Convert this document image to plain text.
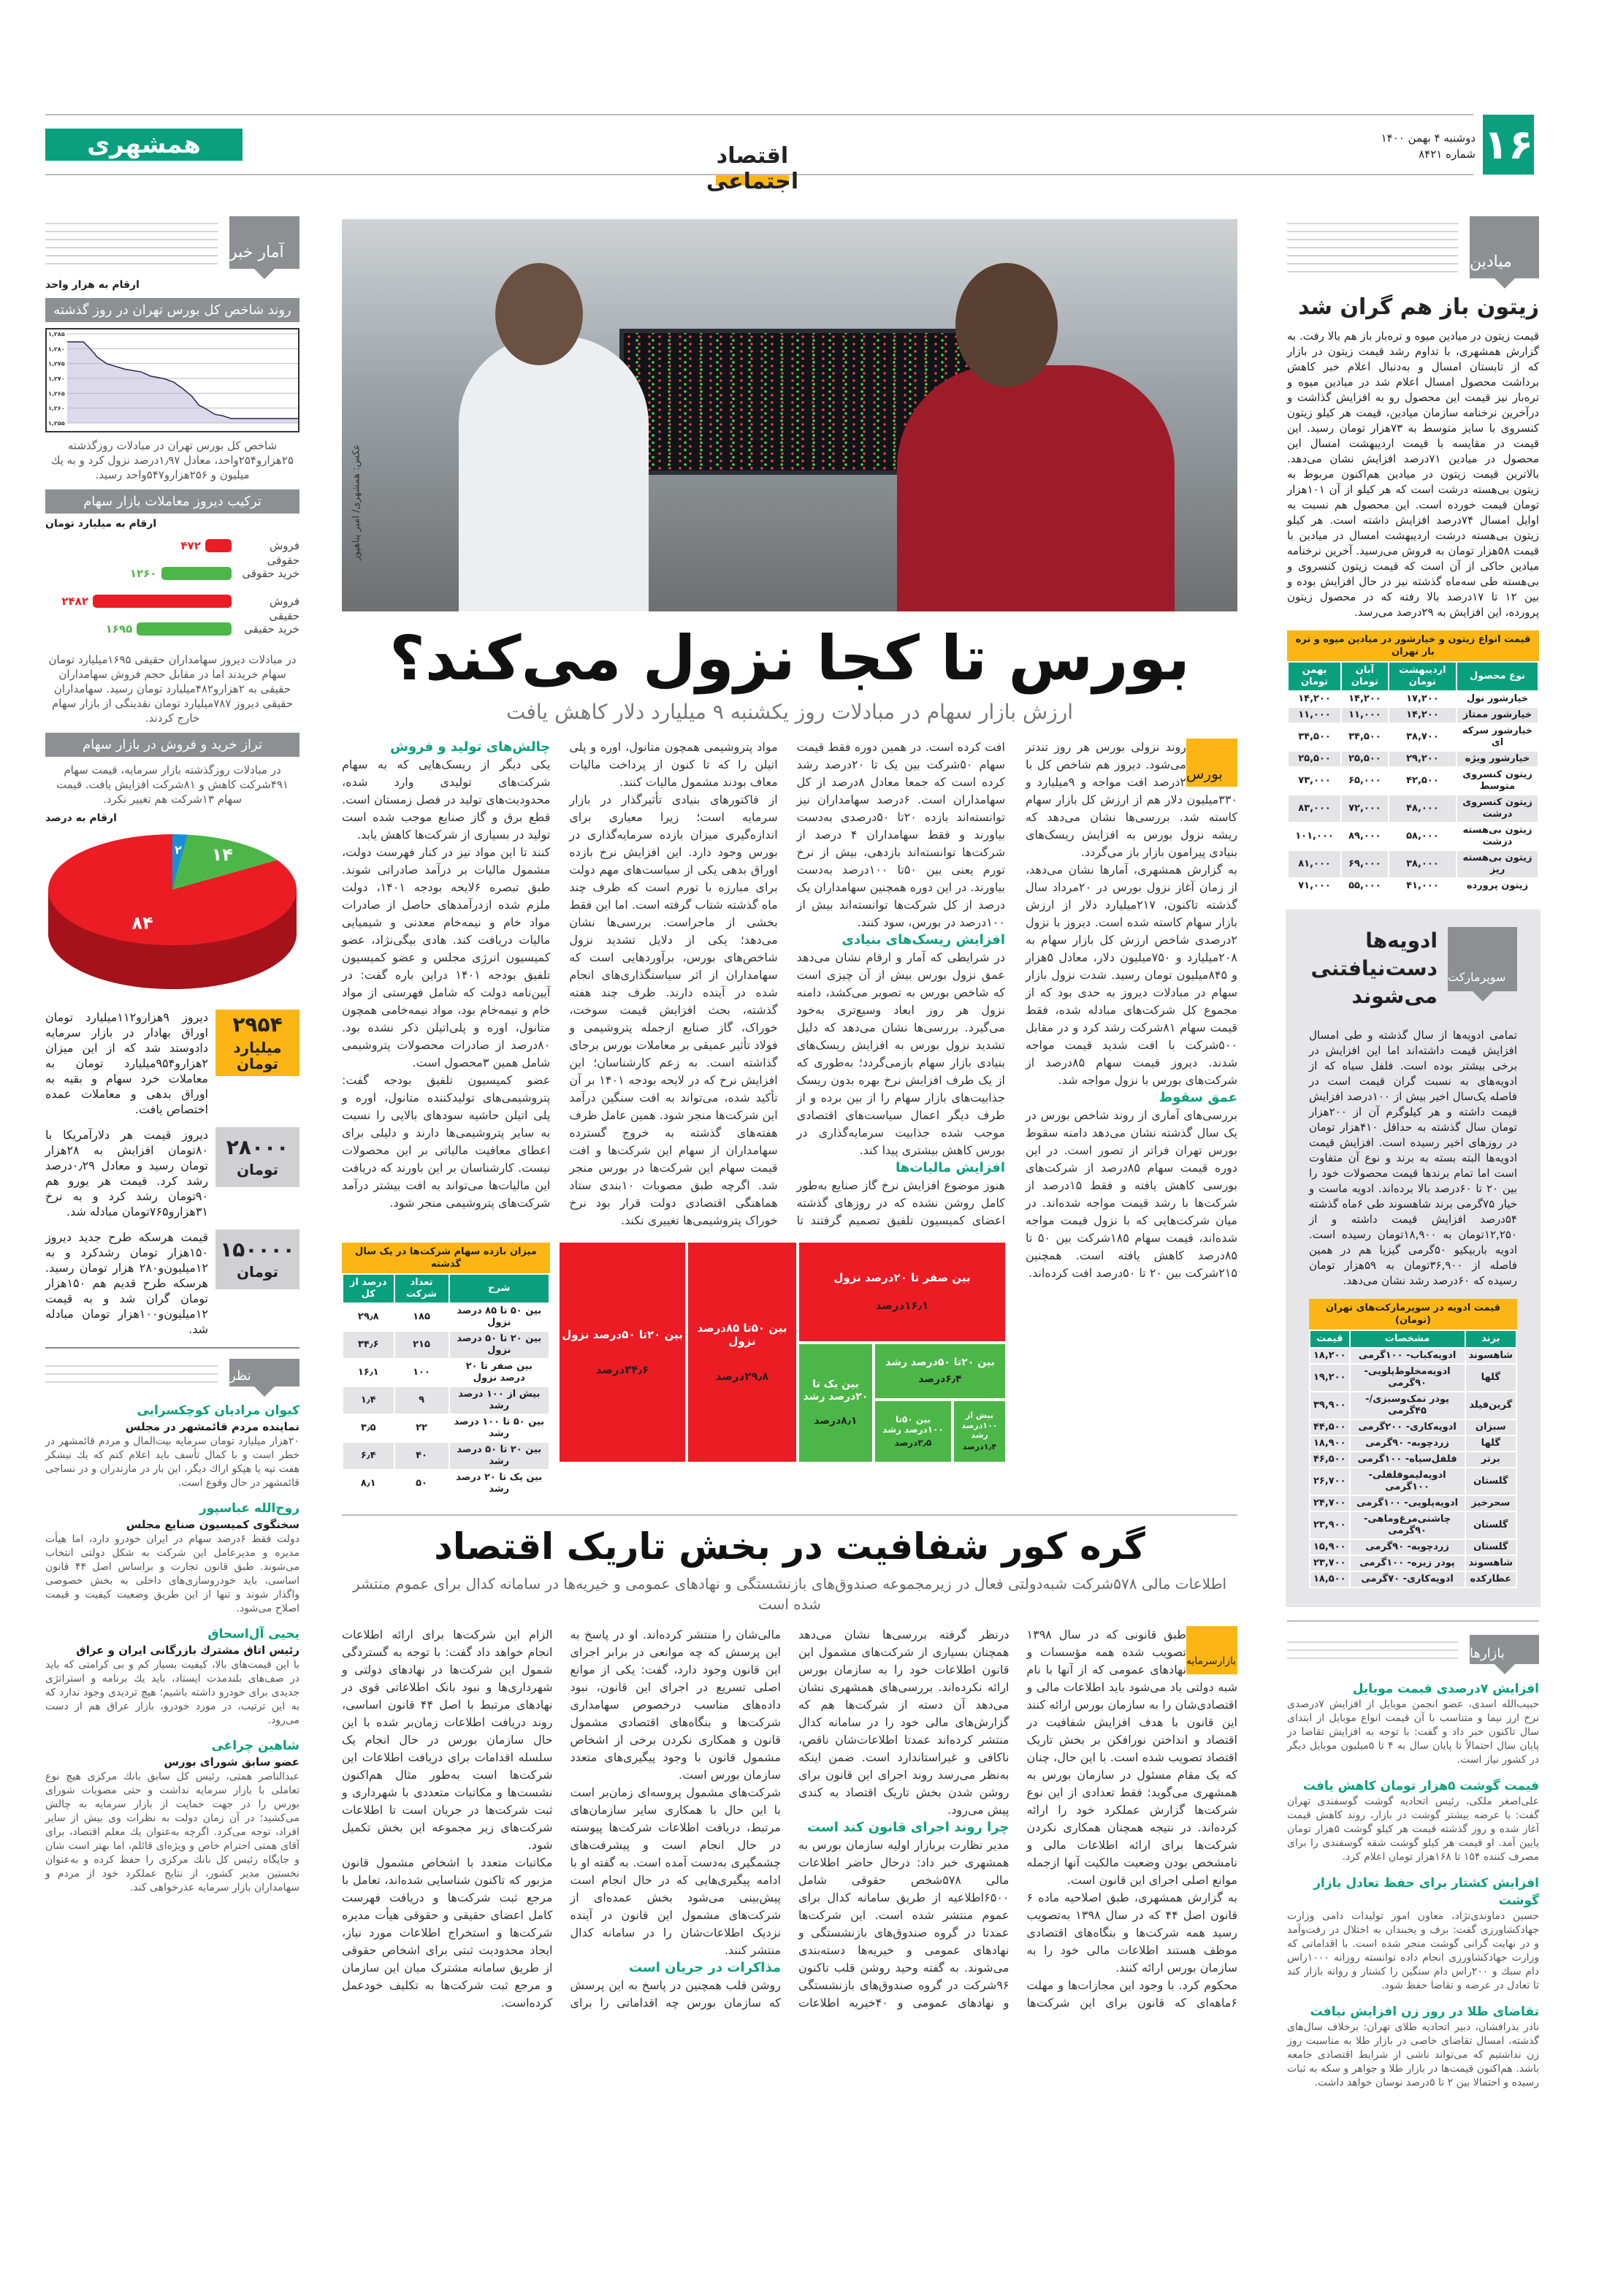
۱۶
دوشنبه ۴ بهمن ۱۴۰۰
شماره ۸۴۲۱
همشهری	اقتصاد اجتماعی
آمار خبر
ارقام به هزار واحد
روند شاخص کل بورس تهران در روز گذشته
۱,۲۵۵
۱,۲۶۰
۱,۲۶۵
۱,۲۷۰
۱,۲۷۵
۱,۲۸۰
۱,۲۸۵
شاخص کل بورس تهران در مبادلات روزگذشته ۲۵هزارو۲۵۴واحد، معادل ۱٫۹۷درصد نزول کرد و به یك میلیون و ۲۵۶هزارو۵۴۷واحد رسید.
ترکیب دیروز معاملات بازار سهام
ارقام به میلیارد تومان
فروش حقوقی
۴۷۲
خرید حقوقی
۱۲۶۰
فروش حقیقی
۲۴۸۲
خرید حقیقی
۱۶۹۵
در مبادلات دیروز سهامداران حقیقی ۱۶۹۵میلیارد تومان سهام خریدند اما در مقابل حجم فروش سهامداران حقیقی به ۲هزارو۴۸۲میلیارد تومان رسید. سهامداران حقیقی دیروز ۷۸۷میلیارد تومان نقدینگی از بازار سهام خارج کردند.
تراز خرید و فروش در بازار سهام
در مبادلات روزگذشته بازار سرمایه، قیمت سهام ۴۹۱شرکت کاهش و ۸۱شرکت افزایش یافت. قیمت سهام ۱۳شرکت هم تغییر نکرد.
ارقام به درصد
۲ ۱۴
۸۴
دیروز ۹هزارو۱۱۲میلیارد تومان اوراق بهادار در بازار سرمایه دادوستد شد که از این میزان ۲هزارو۹۵۴میلیارد تومان به معاملات خرد سهام و بقیه به اوراق بدهی و معاملات عمده اختصاص یافت.
۲۹۵۴
میلیارد تومان
دیروز قیمت هر دلارآمریکا با ۸۰تومان افزایش به ۲۸هزار تومان رسید و معادل ۰٫۲۹درصد رشد کرد. قیمت هر یورو هم ۹۰تومان رشد کرد و به نرخ ۳۱هزارو۷۶۵تومان مبادله شد.
۲۸۰۰۰
تومان
قیمت هرسکه طرح جدید دیروز ۱۵۰هزار تومان رشدکرد و به ۱۲میلیون‌و۲۸۰ هزار تومان رسید. هرسکه طرح قدیم هم ۱۵۰هزار تومان گران شد و به قیمت ۱۲میلیون‌و۱۰۰هزار تومان مبادله شد.
۱۵۰۰۰۰
تومان
نظر
کیوان مرادیان کوچکسرایی
نماینده مردم قائمشهر در مجلس
۲۰هزار میلیارد تومان سرمایه بیت‌المال و مردم قائمشهر در خطر است و با کمال تأسف باید اعلام کنم که یك نیشکر هفت تپه یا هپکو اراك دیگر، این بار در مازندران و در نساجی قائمشهر در حال وقوع است.
روح‌الله عباسپور
سخنگوی کمیسیون صنایع مجلس
دولت فقط ۶درصد سهام در ایران خودرو دارد، اما هیأت مدیره و مدیرعامل این شرکت به شکل دولتی انتخاب می‌شوند. طبق قانون تجارت و براساس اصل ۴۴ قانون اساسی، باید خودروسازی‌های داخلی به بخش خصوصی واگذار شوند و تنها از این طریق وضعیت کیفیت و قیمت اصلاح می‌شود.
یحیی آل‌اسحاق
رئیس اتاق مشترك بازرگانی ایران و عراق
با این قیمت‌های بالا، کیفیت بسیار کم و بی کرامتی که باید در صف‌های بلندمدت ایستاد، باید یك برنامه و استراتژی جدیدی برای خودرو داشته باشیم؛ هیچ تردیدی وجود ندارد که به این ترتیب، در مورد خودرو، بازار عراق هم از دست می‌رود.
شاهین چراغی
عضو سابق شورای بورس
عبدالناصر همتی، رئیس کل سابق بانك مرکزی هیچ نوع تعاملی با بازار سرمایه نداشت و حتی مصوبات شورای بورس را در جهت حمایت از بازار سرمایه به چالش می‌کشید؛ در آن زمان دولت به نظرات وی بیش از سایر افراد، توجه می‌کرد. اگرچه به‌عنوان یك معلم اقتصاد، برای آقای همتی احترام خاص و ویژه‌ای قائلم، اما بهتر است شان و جایگاه رئیس کل بانك مرکزی را حفظ کرده و به‌عنوان نخستین مدیر کشور، از نتایج عملکرد خود از مردم و سهامداران بازار سرمایه عذرخواهی کند.
عکس: همشهری/ امیر پناهپور
بورس تا کجا نزول می‌کند؟
ارزش بازار سهام در مبادلات روز یکشنبه ۹ میلیارد دلار کاهش یافت
افت کرده است. در همین دوره فقط قیمت سهام ۵۰شرکت بین یک تا ۲۰درصد رشد کرده است که جمعا معادل ۸درصد از کل سهامداران است. ۶درصد سهامداران نیز توانسته‌اند بازده ۲۰تا ۵۰درصدی به‌دست بیاورند و فقط سهامداران ۴ درصد از شرکت‌ها توانسته‌اند بازدهی، بیش از نرخ تورم یعنی بین ۵۰تا ۱۰۰درصد به‌دست بیاورند. در این دوره همچنین سهامداران یک درصد از کل شرکت‌ها توانسته‌اند بیش از ۱۰۰درصد در بورس، سود کنند.
افزایش ریسک‌های بنیادی
در شرایطی که آمار و ارقام نشان می‌دهد عمق نزول بورس بیش از آن چیزی است که شاخص بورس به تصویر می‌کشد، دامنه نزول هر روز ابعاد وسیع‌تری به‌خود می‌گیرد. بررسی‌ها نشان می‌دهد که دلیل تشدید نزول بورس به افزایش ریسک‌های بنیادی بازار سهام بازمی‌گردد؛ به‌طوری که از یک طرف افزایش نرخ بهره بدون ریسک جذابیت‌های بازار سهام را از بین برده و از طرف دیگر اعمال سیاست‌های اقتصادی موجب شده جذابیت سرمایه‌گذاری در بورس کاهش بیشتری پیدا کند.
افزایش مالیات‌ها
هنوز موضوع افزایش نرخ گاز صنایع به‌طور کامل روشن نشده که در روزهای گذشته اعضای کمیسیون تلفیق تصمیم گرفتند تا مواد پتروشیمی همچون متانول، اوره و پلی اتیلن را که تا کنون از پرداخت مالیات معاف بودند مشمول مالیات کنند.
از فاکتورهای بنیادی تأثیرگذار در بازار سرمایه است؛ زیرا معیاری برای اندازه‌گیری میزان بازده سرمایه‌گذاری در بورس وجود دارد. این افزایش نرخ بازده اوراق بدهی یکی از سیاست‌های مهم دولت برای مبارزه با تورم است که ظرف چند ماه گذشته شتاب گرفته است. اما این فقط بخشی از ماجراست. بررسی‌ها نشان می‌دهد؛ یکی از دلایل تشدید نزول شاخص‌های بورس، برآوردهایی است که سهامداران از اثر سیاستگذاری‌های انجام شده در آینده دارند. ظرف چند هفته گذشته، بحث افزایش قیمت سوخت، خوراک، گاز صنایع ازجمله پتروشیمی و فولاد تأثیر عمیقی بر معاملات بورس برجای گذاشته است. به زعم کارشناسان؛ این افزایش نرخ که در لایحه بودجه ۱۴۰۱ بر آن تأکید شده، می‌تواند به افت سنگین درآمد این شرکت‌ها منجر شود. همین عامل ظرف هفته‌های گذشته به خروج گسترده سهامداران از سهام این شرکت‌ها و افت قیمت سهام این شرکت‌ها در بورس منجر شد. اگرچه طبق مصوبات ۱۰بندی ستاد هماهنگی اقتصادی دولت قرار بود نرخ خوراک پتروشیمی‌ها تغییری نکند.
چالش‌های تولید و فروش
یکی دیگر از ریسک‌هایی که به سهام شرکت‌های تولیدی وارد شده، محدودیت‌های تولید در فصل زمستان است. قطع برق و گاز صنایع موجب شده است تولید در بسیاری از شرکت‌ها کاهش یابد.
کنند تا این مواد نیز در کنار فهرست دولت، مشمول مالیات بر درآمد صادراتی شوند. طبق تبصره ۶لایحه بودجه ۱۴۰۱، دولت ملزم شده ازدرآمدهای حاصل از صادرات مواد خام و نیمه‌خام معدنی و شیمیایی مالیات دریافت کند. هادی بیگی‌نژاد، عضو کمیسیون انرژی مجلس و عضو کمیسیون تلفیق بودجه ۱۴۰۱ دراین باره گفت: در آیین‌نامه دولت که شامل فهرستی از مواد خام و نیمه‌خام بود، مواد نیمه‌خامی همچون متانول، اوره و پلی‌اتیلن ذکر نشده بود. ۸۰درصد از صادرات محصولات پتروشیمی شامل همین ۳محصول است.
عضو کمیسیون تلفیق بودجه گفت: پتروشیمی‌های تولیدکننده متانول، اوره و پلی اتیلن حاشیه سودهای بالایی را نسبت به سایر پتروشیمی‌ها دارند و دلیلی برای اعطای معافیت مالیاتی بر این محصولات نیست. کارشناسان بر این باورند که دریافت این مالیات‌ها می‌تواند به افت بیشتر درآمد شرکت‌های پتروشیمی منجر شود.
میزان بازده سهام شرکت‌ها در یک سال گذشته
شرح	تعداد شرکت	درصد از کل
بین ۵۰ تا ۸۵ درصد نزول	۱۸۵	۲۹٫۸
بین ۲۰ تا ۵۰ درصد نزول	۲۱۵	۳۴٫۶
بین صفر تا ۲۰ درصد نزول	۱۰۰	۱۶٫۱
بیش از ۱۰۰ درصد رشد	۹	۱٫۴
بین ۵۰ تا ۱۰۰ درصد رشد	۲۲	۳٫۵
بین ۲۰ تا ۵۰ درصد رشد	۴۰	۶٫۴
بین یک تا ۲۰ درصد رشد	۵۰	۸٫۱
بین ۲۰تا ۵۰درصد نزول
۳۴٫۶درصد
بین ۵۰تا ۸۵درصد نزول
۲۹٫۸درصد
بین صفر تا ۲۰درصد نزول
۱۶٫۱درصد
بین یک تا ۲۰درصد رشد
۸٫۱درصد
بین ۲۰تا ۵۰درصد رشد
۶٫۴درصد
بین ۵۰تا ۱۰۰درصد رشد
۳٫۵درصد
بیش از ۱۰۰درصد رشد
۱٫۴درصد
بورس
روند نزولی بورس هر روز تندتر می‌شود. دیروز هم شاخص کل با ۲درصد افت مواجه و ۹میلیارد و ۳۳۰میلیون دلار هم از ارزش کل بازار سهام کاسته شد. بررسی‌ها نشان می‌دهد که ریشه نزول بورس به افزایش ریسک‌های بنیادی پیرامون بازار باز می‌گردد.
به گزارش همشهری، آمارها نشان می‌دهد، از زمان آغاز نزول بورس در ۲۰مرداد سال گذشته تاکنون، ۲۱۷میلیارد دلار از ارزش بازار سهام کاسته شده است. دیروز با نزول ۲درصدی شاخص ارزش کل بازار سهام به ۲۰۸میلیارد و ۷۵۰میلیون دلار، معادل ۵هزار و ۸۴۵میلیون تومان رسید. شدت نزول بازار سهام در مبادلات دیروز به حدی بود که از مجموع کل شرکت‌های مبادله شده، فقط قیمت سهام ۸۱شرکت رشد کرد و در مقابل ۵۰۰شرکت با افت شدید قیمت مواجه شدند. دیروز قیمت سهام ۸۵درصد از شرکت‌های بورس با نزول مواجه شد.
عمق سقوط
بررسی‌های آماری از روند شاخص بورس در یک سال گذشته نشان می‌دهد دامنه سقوط بورس تهران فراتر از تصور است. در این دوره قیمت سهام ۸۵درصد از شرکت‌های بورسی کاهش یافته و فقط ۱۵درصد از شرکت‌ها با رشد قیمت مواجه شده‌اند. در میان شرکت‌هایی که با نزول قیمت مواجه شده‌اند، قیمت سهام ۱۸۵شرکت بین ۵۰ تا ۸۵درصد کاهش یافته است. همچنین ۲۱۵شرکت بین ۲۰ تا ۵۰درصد افت کرده‌اند.
گره کور شفافیت در بخش تاریک اقتصاد
اطلاعات مالی ۵۷۸شرکت شبه‌دولتی فعال در زیرمجموعه صندوق‌های بازنشستگی و نهادهای عمومی و خیریه‌ها در سامانه کدال برای عموم منتشر شده است
بازارسرمایه
طبق قانونی که در سال ۱۳۹۸ تصویب شده همه مؤسسات و نهادهای عمومی که از آنها با نام شبه دولتی یاد می‌شود باید اطلاعات مالی و اقتصادی‌شان را به سازمان بورس ارائه کنند این قانون با هدف افزایش شفافیت در اقتصاد و انداختن نورافکن بر بخش تاریک اقتصاد تصویب شده است. با این حال، چنان که یک مقام مسئول در سازمان بورس به همشهری می‌گوید: فقط تعدادی از این نوع شرکت‌ها گزارش عملکرد خود را ارائه کرده‌اند. در نتیجه همچنان همکاری نکردن شرکت‌ها برای ارائه اطلاعات مالی و نامشخص بودن وضعیت مالکیت آنها ازجمله موانع اصلی اجرای این قانون است.
به گزارش همشهری، طبق اصلاحیه ماده ۶ قانون اصل ۴۴ که در سال ۱۳۹۸ به‌تصویب رسید همه شرکت‌ها و بنگاه‌های اقتصادی موظف هستند اطلاعات مالی خود را به سازمان بورس ارائه کنند.
محکوم کرد. با وجود این مجازات‌ها و مهلت ۶ماهه‌ای که قانون برای این شرکت‌ها درنظر گرفته بررسی‌ها نشان می‌دهد همچنان بسیاری از شرکت‌های مشمول این قانون اطلاعات خود را به سازمان بورس ارائه نکرده‌اند. بررسی‌های همشهری نشان می‌دهد آن دسته از شرکت‌ها هم که گزارش‌های مالی خود را در سامانه کدال منتشر کرده‌اند عمدتا اطلاعات‌شان ناقص، ناکافی و غیراستاندارد است. ضمن اینکه به‌نظر می‌رسد روند اجرای این قانون برای روشن شدن بخش تاریک اقتصاد به کندی پیش می‌رود.
چرا روند اجرای قانون کند است
مدیر نظارت بربازار اولیه سازمان بورس به همشهری خبر داد: درحال حاضر اطلاعات مالی ۵۷۸شخص حقوقی شامل ۶۵۰۰اطلاعیه از طریق سامانه کدال برای عموم منتشر شده است. این شرکت‌ها عمدتا در گروه صندوق‌های بازنشستگی و نهادهای عمومی و خیریه‌ها دسته‌بندی می‌شوند. به گفته وحید روشن قلب تاکنون ۹۶شرکت در گروه صندوق‌های بازنشستگی و نهادهای عمومی و ۴۰خیریه اطلاعات مالی‌شان را منتشر کرده‌اند. او در پاسخ به این پرسش که چه موانعی در برابر اجرای این قانون وجود دارد، گفت: یکی از موانع اصلی تسریع در اجرای این قانون، نبود داده‌های مناسب درخصوص سهامداری شرکت‌ها و بنگاه‌های اقتصادی مشمول قانون و همکاری نکردن برخی از اشخاص مشمول قانون با وجود پیگیری‌های متعدد سازمان بورس است.
شرکت‌های مشمول پروسه‌ای زمان‌بر است با این حال با همکاری سایر سازمان‌های مرتبط، دریافت اطلاعات شرکت‌ها پیوسته در حال انجام است و پیشرفت‌های چشمگیری به‌دست آمده است. به گفته او با ادامه پیگیری‌هایی که در حال انجام است پیش‌بینی می‌شود بخش عمده‌ای از شرکت‌های مشمول این قانون در آینده نزدیک اطلاعات‌شان را در سامانه کدال منتشر کنند.
مذاکرات در جریان است
روشن قلب همچنین در پاسخ به این پرسش که سازمان بورس چه اقداماتی را برای الزام این شرکت‌ها برای ارائه اطلاعات انجام خواهد داد گفت: با توجه به گستردگی شمول این شرکت‌ها در نهادهای دولتی و شهرداری‌ها و نبود بانک اطلاعاتی قوی در نهادهای مرتبط با اصل ۴۴ قانون اساسی، روند دریافت اطلاعات زمان‌بر شده با این حال سازمان بورس در حال انجام یک سلسله اقدامات برای دریافت اطلاعات این شرکت‌ها است به‌طور مثال هم‌اکنون نشست‌ها و مکاتبات متعددی با شهرداری و ثبت شرکت‌ها در جریان است تا اطلاعات شرکت‌های زیر مجموعه این بخش تکمیل شود.
مکاتبات متعدد با اشخاص مشمول قانون مزبور که تاکنون شناسایی شده‌اند، تعامل با مرجع ثبت شرکت‌ها و دریافت فهرست کامل اعضای حقیقی و حقوقی هیأت مدیره شرکت‌ها و استخراج اطلاعات مورد نیاز، ایجاد محدودیت ثبتی برای اشخاص حقوقی از طریق سامانه مشترک میان این سازمان و مرجع ثبت شرکت‌ها به تکلیف خودعمل کرده‌است.
میادین
زیتون باز هم گران شد
قیمت زیتون در میادین میوه و تره‌بار باز هم بالا رفت. به گزارش همشهری، با تداوم رشد قیمت زیتون در بازار که از تابستان امسال و به‌دنبال اعلام خبر کاهش برداشت محصول امسال اعلام شد در میادین میوه و تره‌بار نیز قیمت این محصول رو به افزایش گذاشت و درآخرین نرخنامه سازمان میادین، قیمت هر کیلو زیتون کنسروی با سایز متوسط به ۷۳هزار تومان رسید. این قیمت در مقایسه با قیمت اردیبهشت امسال این محصول در میادین ۷۱درصد افزایش نشان می‌دهد. بالاترین قیمت زیتون در میادین هم‌اکنون مربوط به زیتون بی‌هسته درشت است که هر کیلو از آن ۱۰۱هزار تومان قیمت خورده است. این محصول هم نسبت به اوایل امسال ۷۴درصد افزایش داشته است. هر کیلو زیتون بی‌هسته درشت اردیبهشت امسال در میادین با قیمت ۵۸هزار تومان به فروش می‌رسید. آخرین نرخنامه میادین حاکی از آن است که قیمت زیتون کنسروی و بی‌هسته طی سه‌ماه گذشته نیز در حال افزایش بوده و بین ۱۲ تا ۱۷درصد بالا رفته که در محصول زیتون پرورده، این افزایش به ۲۹درصد می‌رسد.
قیمت انواع زیتون و خیارشور در میادین میوه و تره بار تهران
نوع محصول	اردیبهشت تومان	آبان تومان	بهمن تومان
خیارشور نول	۱۷,۲۰۰	۱۴,۲۰۰	۱۴,۲۰۰
خیارشور ممتاز	۱۴,۲۰۰	۱۱,۰۰۰	۱۱,۰۰۰
خیارشور سرکه ای	۳۸,۷۰۰	۳۴,۵۰۰	۳۴,۵۰۰
خیارشور ویژه	۲۹,۲۰۰	۲۵,۵۰۰	۲۵,۵۰۰
زیتون کنسروی متوسط	۴۲,۵۰۰	۶۵,۰۰۰	۷۳,۰۰۰
زیتون کنسروی درشت	۴۸,۰۰۰	۷۲,۰۰۰	۸۳,۰۰۰
زیتون بی‌هسته درشت	۵۸,۰۰۰	۸۹,۰۰۰	۱۰۱,۰۰۰
زیتون بی‌هسته ریز	۳۸,۰۰۰	۶۹,۰۰۰	۸۱,۰۰۰
زیتون پرورده	۴۱,۰۰۰	۵۵,۰۰۰	۷۱,۰۰۰
ادویه‌ها دست‌نیافتنی می‌شوند
سوپرمارکت
تمامی ادویه‌ها از سال گذشته و طی امسال افزایش قیمت داشته‌اند اما این افزایش در برخی بیشتر بوده است. فلفل سیاه که از ادویه‌های به نسبت گران قیمت است در فاصله یک‌سال اخیر بیش از ۱۰۰درصد افزایش قیمت داشته و هر کیلوگرم آن از ۲۰۰هزار تومان سال گذشته به حداقل ۴۱۰هزار تومان در روزهای اخیر رسیده است. افزایش قیمت ادویه‌ها البته بسته به برند و نوع آن متفاوت است اما تمام برندها قیمت محصولات خود را بین ۲۰ تا ۶۰درصد بالا برده‌اند. ادویه ماست و خیار ۷۵گرمی برند شاهسوند طی ۶ماه گذشته ۵۴درصد افزایش قیمت داشته و از ۱۲,۲۵۰تومان به ۱۸,۹۰۰تومان رسیده است. ادویه باربیکیو ۵۰گرمی گیزیا هم در همین فاصله از ۳۶,۹۰۰تومان به ۵۹هزار تومان رسیده که ۶۰درصد رشد نشان می‌دهد.
قیمت ادویه در سوپرمارکت‌های تهران (تومان)
برند	مشخصات	قیمت
شاهسوند	ادویه‌کباب- ۱۰۰گرمی	۱۸,۲۰۰
گلها	ادویه‌مخلوط‌پلویی- ۹۰گرمی	۱۹,۲۰۰
گرین‌فیلد	پودر نمک‌وسبزی/- ۴۵گرمی	۳۹,۹۰۰
سبزان	ادویه‌کاری- ۲۰۰گرمی	۴۴,۵۰۰
گلها	زردچوبه- ۹۰گرمی	۱۸,۹۰۰
برتر	فلفل‌سیاه- ۱۰۰گرمی	۴۶,۵۰۰
گلستان	ادویه‌لیموفلفلی- ۱۰۰گرمی	۲۶,۷۰۰
سحرخیز	ادویه‌پلویی- ۱۰۰گرمی	۲۴,۷۰۰
گلستان	چاشنی‌مرغ‌وماهی- ۹۰گرمی	۲۳,۹۰۰
گلستان	زردچوبه- ۹۰گرمی	۱۵,۹۰۰
شاهسوند	پودر زیره- ۱۰۰گرمی	۲۳,۷۰۰
عطارکده	ادویه‌کاری- ۷۰گرمی	۱۸,۵۰۰
بازارها
افزایش ۷درصدی قیمت موبایل
حبیب‌الله اسدی، عضو انجمن موبایل از افزایش ۷درصدی نرخ ارز نیما و متناسب با آن قیمت انواع موبایل از ابتدای سال تاکنون خبر داد و گفت: با توجه به افزایش تقاضا در پایان سال احتمالاً تا پایان سال به ۴ تا ۵میلیون موبایل دیگر در کشور نیاز است.
قیمت گوشت ۵هزار تومان کاهش یافت
علی‌اصغر ملکی، رئیس اتحادیه گوشت گوسفندی تهران گفت: با عرضه بیشتر گوشت در بازار، روند کاهش قیمت آغاز شده و روز گذشته قیمت هر کیلو گوشت ۵هزار تومان پایین آمد. او قیمت هر کیلو گوشت شقه گوسفندی را برای مصرف کننده ۱۵۴ تا ۱۶۸هزار تومان اعلام کرد.
افزایش کشتار برای حفظ تعادل بازار گوشت
حسین دماوندی‌نژاد، معاون امور تولیدات دامی وزارت جهادکشاورزی گفت: برف و یخبندان به اختلال در رفت‌وآمد و در نهایت گرانی گوشت منجر شده است. با اقداماتی که وزارت جهادکشاورزی انجام داده توانسته روزانه ۱۰۰۰راس دام سبك و ۲۰۰راس دام سنگین را کشتار و روانه بازار کند تا تعادل در عرضه و تقاضا حفظ شود.
تقاضای طلا در روز زن افزایش نیافت
نادر بذرافشان، دبیر اتحادیه طلای تهران: برخلاف سال‌های گذشته، امسال تقاضای خاصی در بازار طلا به مناسبت روز زن نداشتیم که می‌تواند ناشی از شرایط اقتصادی جامعه باشد. هم‌اکنون قیمت‌ها در بازار طلا و جواهر و سکه به ثبات رسیده و احتمالا بین ۲ تا ۵درصد نوسان خواهد داشت.
